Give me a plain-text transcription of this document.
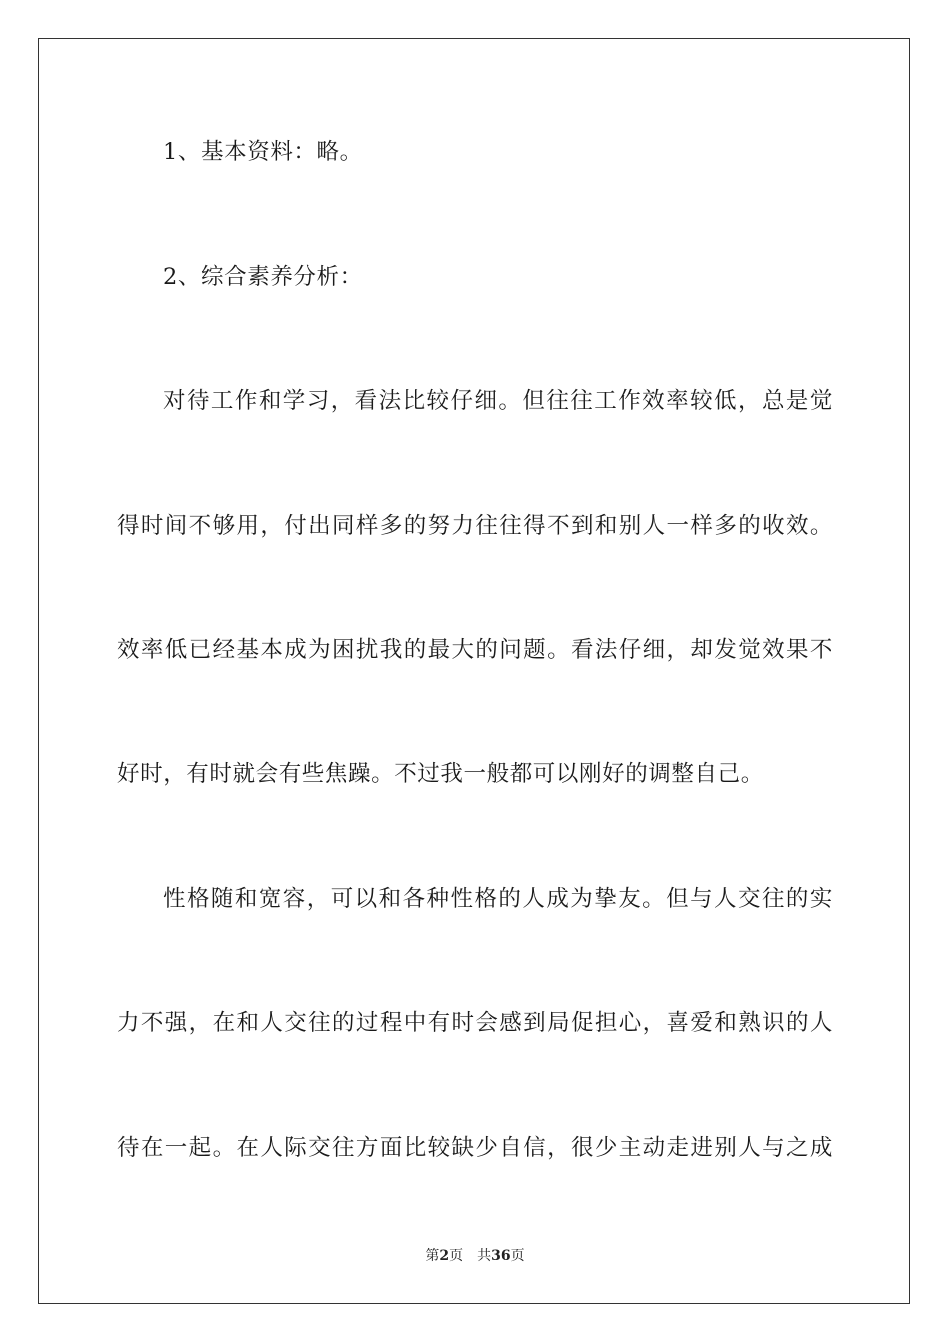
1、基本资料：略。
2、综合素养分析：
对待工作和学习，看法比较仔细。但往往工作效率较低，总是觉
得时间不够用，付出同样多的努力往往得不到和别人一样多的收效。
效率低已经基本成为困扰我的最大的问题。看法仔细，却发觉效果不
好时，有时就会有些焦躁。不过我一般都可以刚好的调整自己。
性格随和宽容，可以和各种性格的人成为挚友。但与人交往的实
力不强，在和人交往的过程中有时会感到局促担心，喜爱和熟识的人
待在一起。在人际交往方面比较缺少自信，很少主动走进别人与之成
第2页 共36页
